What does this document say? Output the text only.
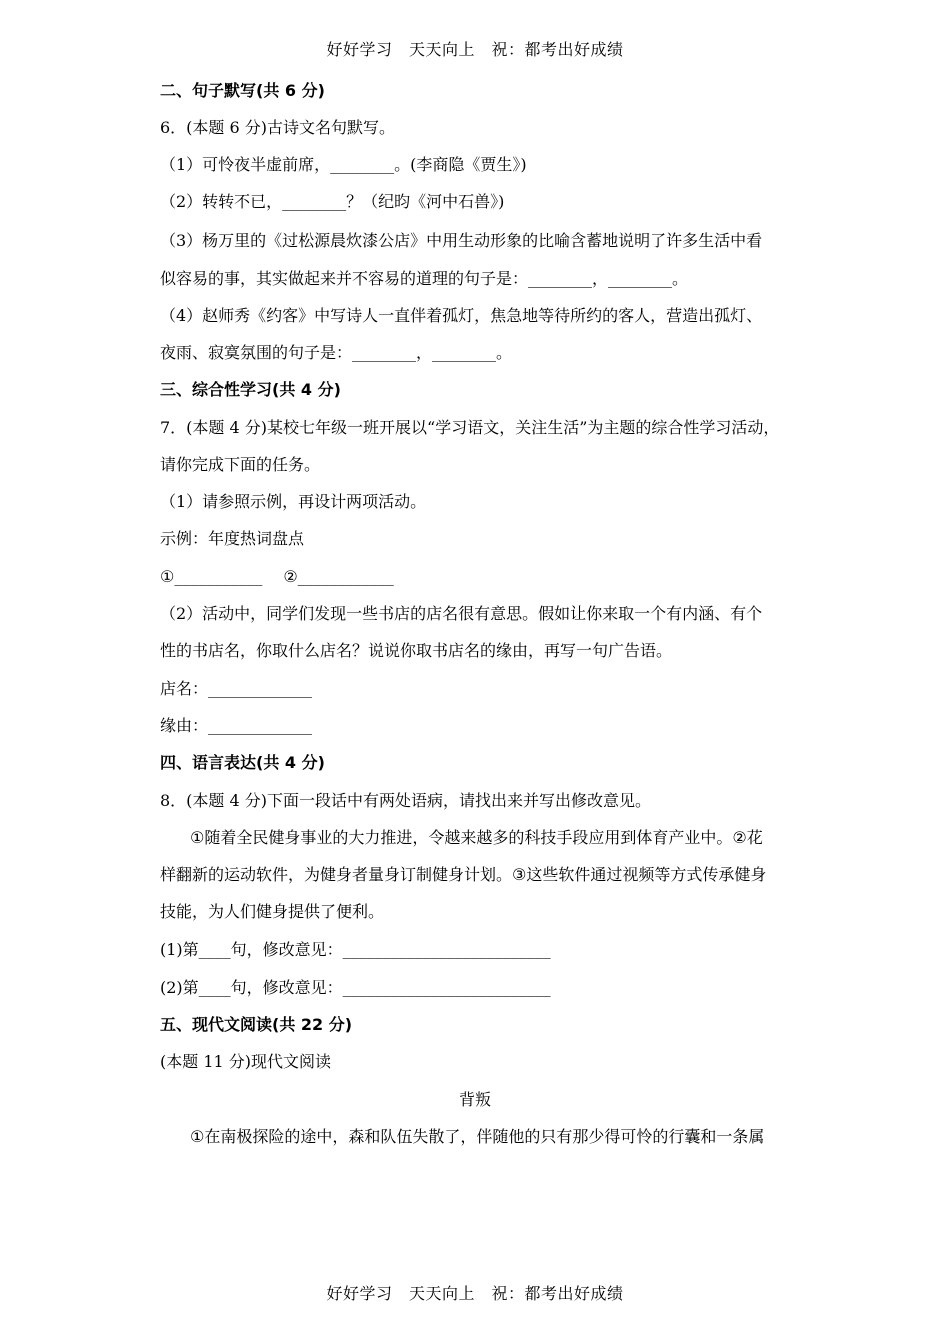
好好学习　天天向上　祝：都考出好成绩
二、句子默写(共 6 分)
6．(本题 6 分)古诗文名句默写。
（1）可怜夜半虚前席，________。(李商隐《贾生》)
（2）转转不已，________？（纪昀《河中石兽》)
（3）杨万里的《过松源晨炊漆公店》中用生动形象的比喻含蓄地说明了许多生活中看
似容易的事，其实做起来并不容易的道理的句子是：________，________。
（4）赵师秀《约客》中写诗人一直伴着孤灯，焦急地等待所约的客人，营造出孤灯、
夜雨、寂寞氛围的句子是：________，________。
三、综合性学习(共 4 分)
7．(本题 4 分)某校七年级一班开展以“学习语文，关注生活”为主题的综合性学习活动，
请你完成下面的任务。
（1）请参照示例，再设计两项活动。
示例：年度热词盘点
①___________　 ②____________
（2）活动中，同学们发现一些书店的店名很有意思。假如让你来取一个有内涵、有个
性的书店名，你取什么店名？说说你取书店名的缘由，再写一句广告语。
店名：_____________
缘由：_____________
四、语言表达(共 4 分)
8．(本题 4 分)下面一段话中有两处语病，请找出来并写出修改意见。
①随着全民健身事业的大力推进，令越来越多的科技手段应用到体育产业中。②花
样翻新的运动软件，为健身者量身订制健身计划。③这些软件通过视频等方式传承健身
技能，为人们健身提供了便利。
(1)第____句，修改意见：__________________________
(2)第____句，修改意见：__________________________
五、现代文阅读(共 22 分)
(本题 11 分)现代文阅读
背叛
①在南极探险的途中，森和队伍失散了，伴随他的只有那少得可怜的行囊和一条属
好好学习　天天向上　祝：都考出好成绩
